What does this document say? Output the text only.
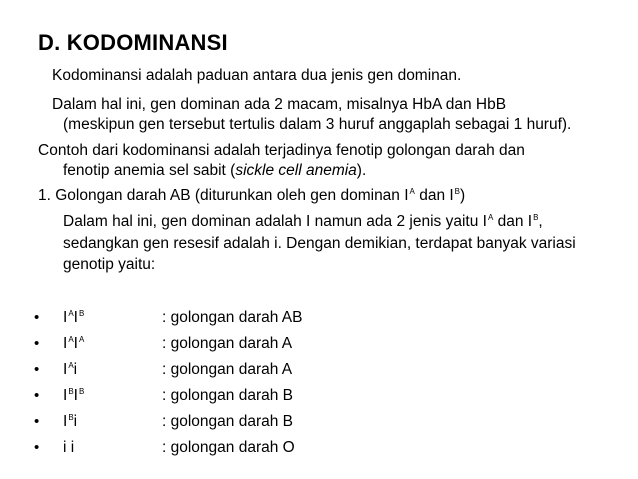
D. KODOMINANSI
Kodominansi adalah paduan antara dua jenis gen dominan.
Dalam hal ini, gen dominan ada 2 macam, misalnya HbA dan HbB
(meskipun gen tersebut tertulis dalam 3 huruf anggaplah sebagai 1 huruf).
Contoh dari kodominansi adalah terjadinya fenotip golongan darah dan
fenotip anemia sel sabit (sickle cell anemia).
1. Golongan darah AB (diturunkan oleh gen dominan $I^A$ dan $I^B$)
Dalam hal ini, gen dominan adalah I namun ada 2 jenis yaitu $I^A$ dan $I^B$,
sedangkan gen resesif adalah i. Dengan demikian, terdapat banyak variasi
genotip yaitu:
• $I^AI^B$	: golongan darah AB
• $I^AI^A$	: golongan darah A
• $I^Ai$	: golongan darah A
• $I^BI^B$	: golongan darah B
• $I^Bi$	: golongan darah B
• i i	: golongan darah O
